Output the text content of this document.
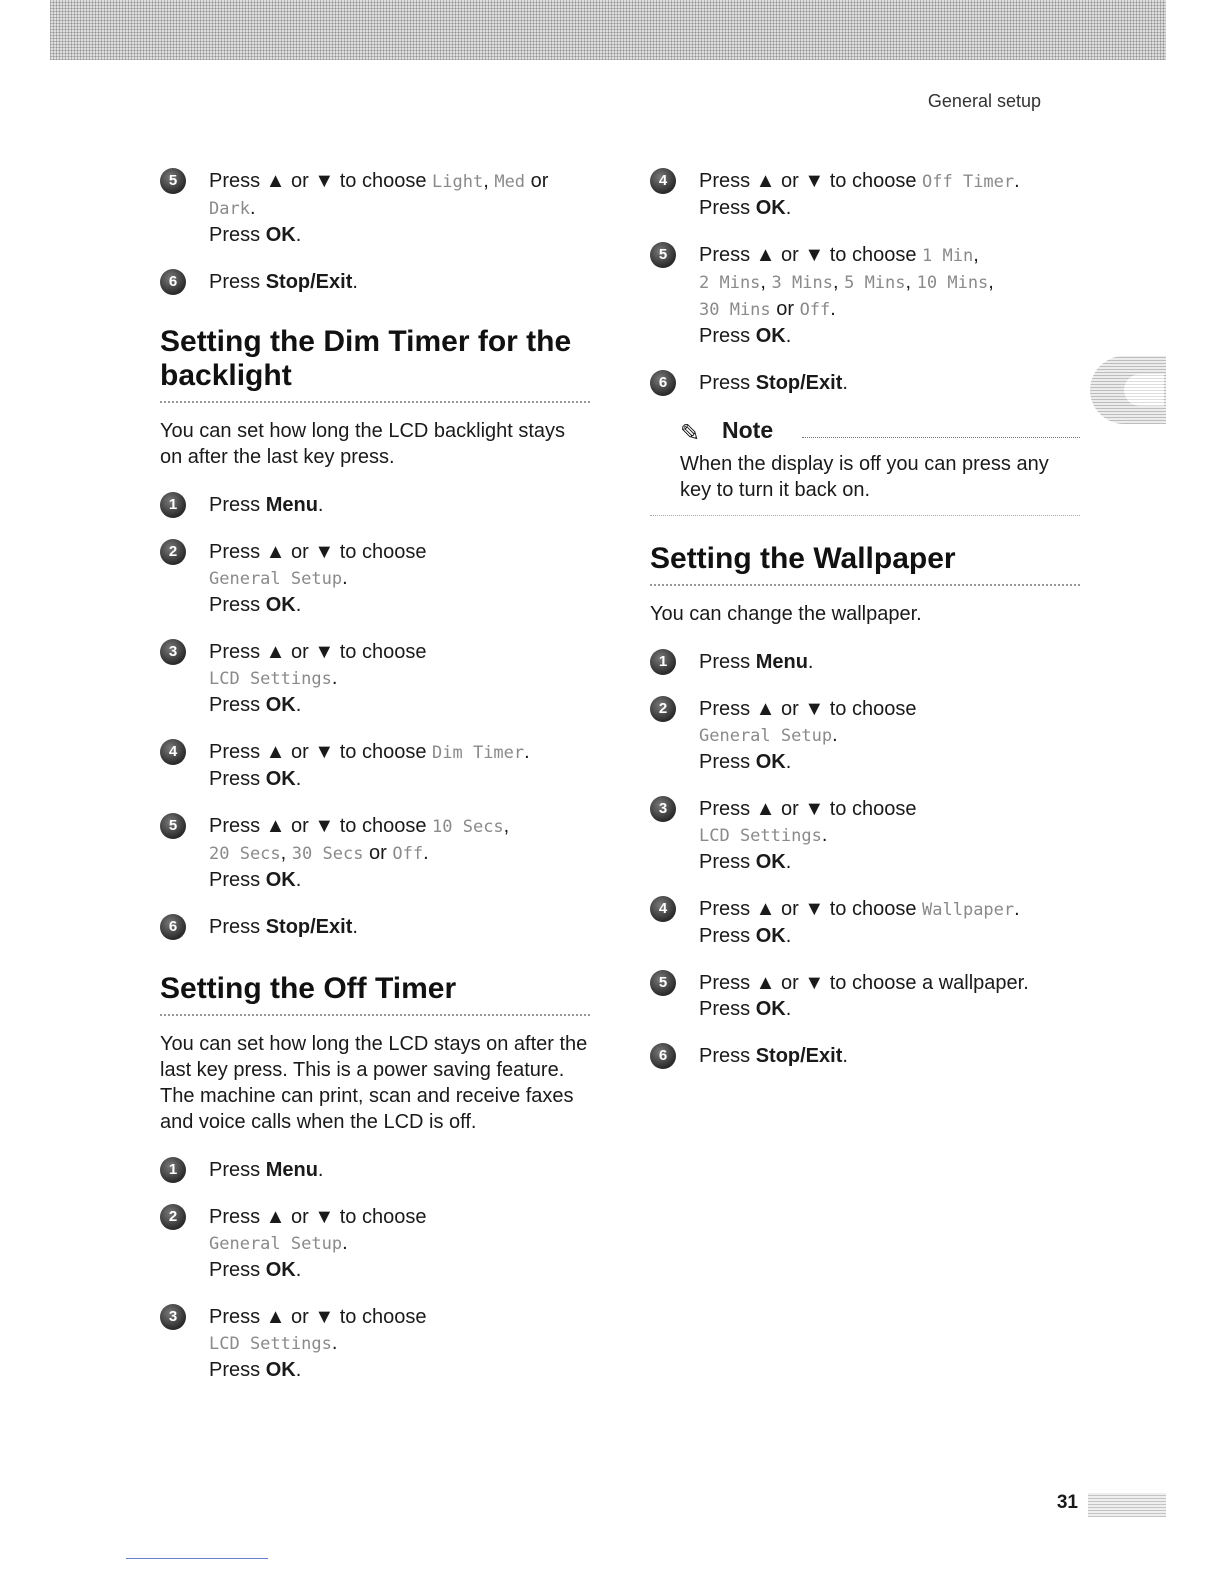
General setup
5	Press ▲ or ▼ to choose Light, Med or
Dark.
Press OK.
6	Press Stop/Exit.
Setting the Dim Timer for the backlight
You can set how long the LCD backlight stays on after the last key press.
1	Press Menu.
2	Press ▲ or ▼ to choose
General Setup.
Press OK.
3	Press ▲ or ▼ to choose
LCD Settings.
Press OK.
4	Press ▲ or ▼ to choose Dim Timer.
Press OK.
5	Press ▲ or ▼ to choose 10 Secs,
20 Secs, 30 Secs or Off.
Press OK.
6	Press Stop/Exit.
Setting the Off Timer
You can set how long the LCD stays on after the last key press. This is a power saving feature. The machine can print, scan and receive faxes and voice calls when the LCD is off.
1	Press Menu.
2	Press ▲ or ▼ to choose
General Setup.
Press OK.
3	Press ▲ or ▼ to choose
LCD Settings.
Press OK.
4	Press ▲ or ▼ to choose Off Timer.
Press OK.
5	Press ▲ or ▼ to choose 1 Min,
2 Mins, 3 Mins, 5 Mins, 10 Mins,
30 Mins or Off.
Press OK.
6	Press Stop/Exit.
✎ Note
When the display is off you can press any key to turn it back on.
Setting the Wallpaper
You can change the wallpaper.
1	Press Menu.
2	Press ▲ or ▼ to choose
General Setup.
Press OK.
3	Press ▲ or ▼ to choose
LCD Settings.
Press OK.
4	Press ▲ or ▼ to choose Wallpaper.
Press OK.
5	Press ▲ or ▼ to choose a wallpaper.
Press OK.
6	Press Stop/Exit.
31
